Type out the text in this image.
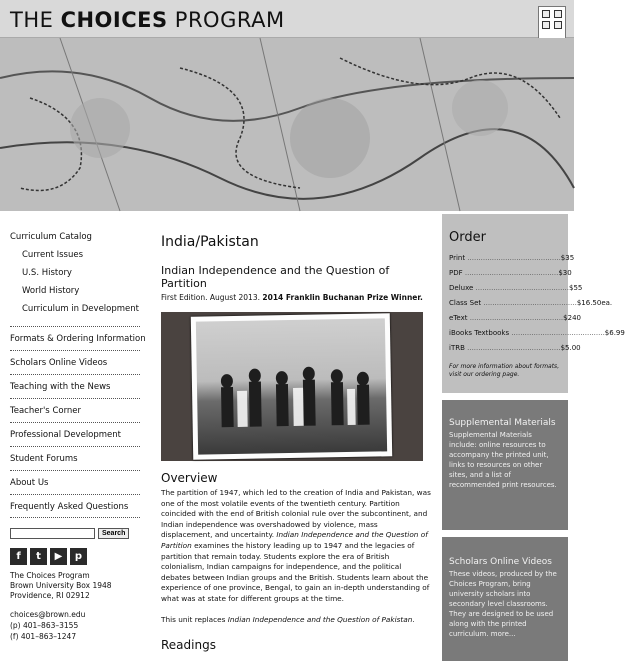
THE CHOICES PROGRAM
Curriculum Catalog
Current Issues
U.S. History
World History
Curriculum in Development
Formats & Ordering Information
Scholars Online Videos
Teaching with the News
Teacher's Corner
Professional Development
Student Forums
About Us
Frequently Asked Questions
Search
f	t	▶	p
The Choices Program
Brown University Box 1948
Providence, RI 02912
choices@brown.edu
(p) 401–863–3155
(f) 401–863–1247
India/Pakistan
Indian Independence and the Question of Partition
First Edition. August 2013. 2014 Franklin Buchanan Prize Winner.
Overview

The partition of 1947, which led to the creation of India and Pakistan, was one of the most volatile events of the twentieth century. Partition coincided with the end of British colonial rule over the subcontinent, and Indian independence was overshadowed by violence, mass displacement, and uncertainty. Indian Independence and the Question of Partition examines the history leading up to 1947 and the legacies of partition that remain today. Students explore the era of British colonialism, Indian campaigns for independence, and the political debates between Indian groups and the British. Students learn about the experience of one province, Bengal, to gain an in-depth understanding of what was at state for different groups at the time.

This unit replaces Indian Independence and the Question of Pakistan.

Readings
Order
Print .......................................... $35
PDF .......................................... $30
Deluxe .......................................... $55
Class Set .......................................... $16.50ea.
eText .......................................... $240
iBooks Textbooks .......................................... $6.99
iTRB .......................................... $5.00
For more information about formats, visit our ordering page.
Supplemental Materials
Supplemental Materials include: online resources to accompany the printed unit, links to resources on other sites, and a list of recommended print resources.
Scholars Online Videos
These videos, produced by the Choices Program, bring university scholars into secondary level classrooms. They are designed to be used along with the printed curriculum. more...
